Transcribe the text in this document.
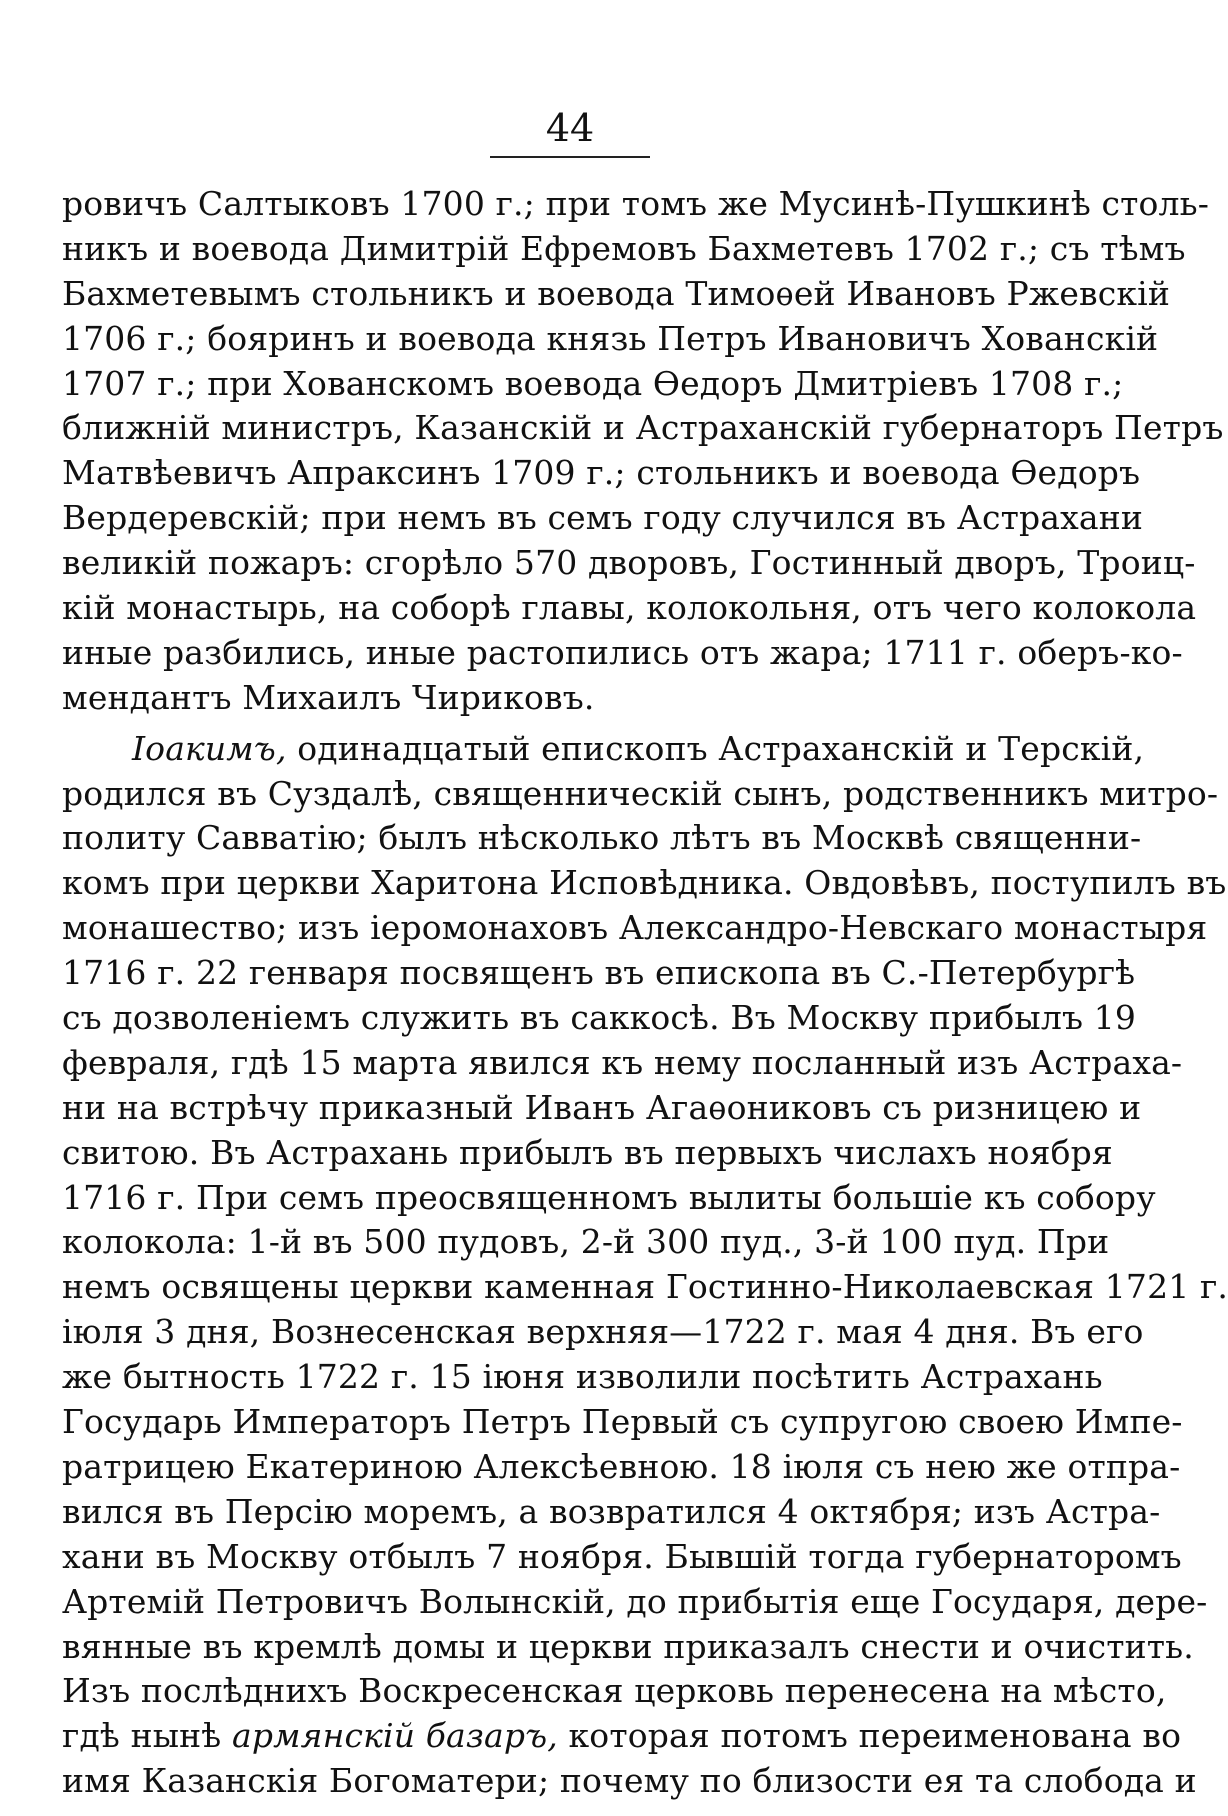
44
ровичъ Салтыковъ 1700 г.; при томъ же Мусинѣ-Пушкинѣ столь-
никъ и воевода Димитрій Ефремовъ Бахметевъ 1702 г.; съ тѣмъ
Бахметевымъ стольникъ и воевода Тимоѳей Ивановъ Ржевскій
1706 г.; бояринъ и воевода князь Петръ Ивановичъ Хованскій
1707 г.; при Хованскомъ воевода Ѳедоръ Дмитріевъ 1708 г.;
ближній министръ, Казанскій и Астраханскій губернаторъ Петръ
Матвѣевичъ Апраксинъ 1709 г.; стольникъ и воевода Ѳедоръ
Вердеревскій; при немъ въ семъ году случился въ Астрахани
великій пожаръ: сгорѣло 570 дворовъ, Гостинный дворъ, Троиц-
кій монастырь, на соборѣ главы, колокольня, отъ чего колокола
иные разбились, иные растопились отъ жара; 1711 г. оберъ-ко-
мендантъ Михаилъ Чириковъ.
Іоакимъ, одинадцатый епископъ Астраханскій и Терскій,
родился въ Суздалѣ, священническій сынъ, родственникъ митро-
политу Савватію; былъ нѣсколько лѣтъ въ Москвѣ священни-
комъ при церкви Харитона Исповѣдника. Овдовѣвъ, поступилъ въ
монашество; изъ іеромонаховъ Александро-Невскаго монастыря
1716 г. 22 генваря посвященъ въ епископа въ С.-Петербургѣ
съ дозволеніемъ служить въ саккосѣ. Въ Москву прибылъ 19
февраля, гдѣ 15 марта явился къ нему посланный изъ Астраха-
ни на встрѣчу приказный Иванъ Агаѳониковъ съ ризницею и
свитою. Въ Астрахань прибылъ въ первыхъ числахъ ноября
1716 г. При семъ преосвященномъ вылиты большіе къ собору
колокола: 1-й въ 500 пудовъ, 2-й 300 пуд., 3-й 100 пуд. При
немъ освящены церкви каменная Гостинно-Николаевская 1721 г.
іюля 3 дня, Вознесенская верхняя—1722 г. мая 4 дня. Въ его
же бытность 1722 г. 15 іюня изволили посѣтить Астрахань
Государь Императоръ Петръ Первый съ супругою своею Импе-
ратрицею Екатериною Алексѣевною. 18 іюля съ нею же отпра-
вился въ Персію моремъ, а возвратился 4 октября; изъ Астра-
хани въ Москву отбылъ 7 ноября. Бывшій тогда губернаторомъ
Артемій Петровичъ Волынскій, до прибытія еще Государя, дере-
вянные въ кремлѣ домы и церкви приказалъ снести и очистить.
Изъ послѣднихъ Воскресенская церковь перенесена на мѣсто,
гдѣ нынѣ армянскій базаръ, которая потомъ переименована во
имя Казанскія Богоматери; почему по близости ея та слобода и
